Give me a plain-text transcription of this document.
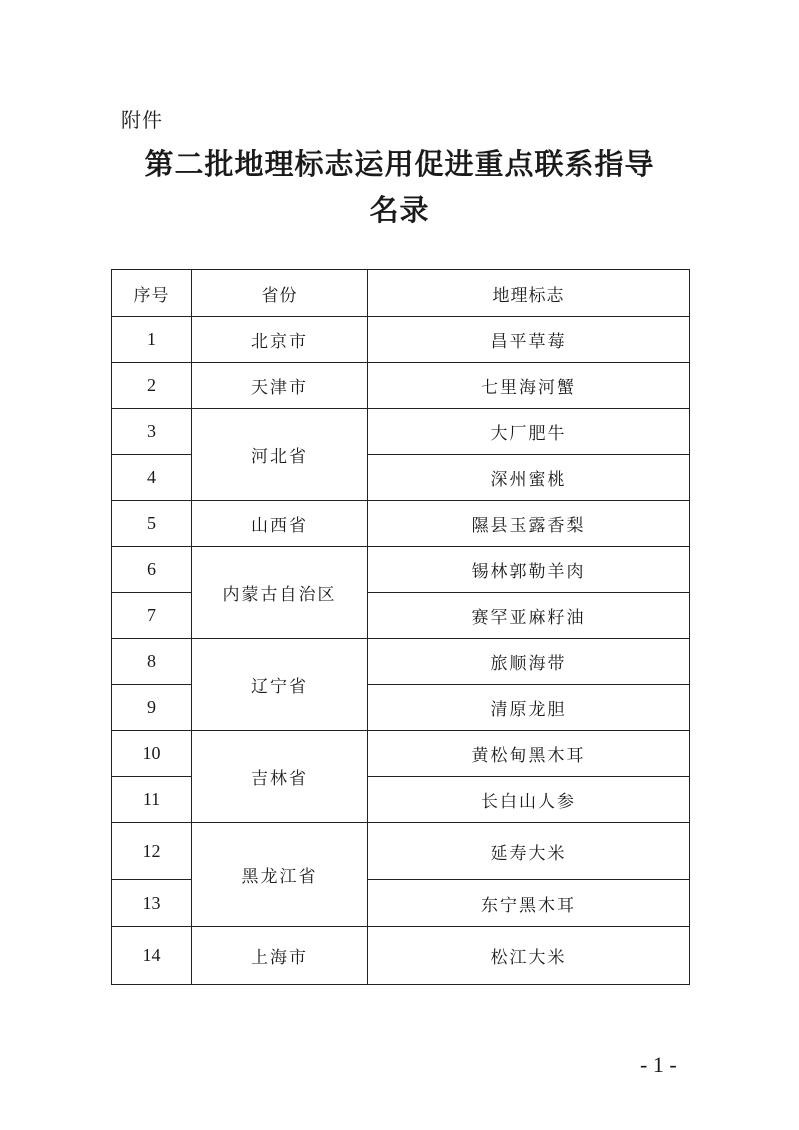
附件
第二批地理标志运用促进重点联系指导
名录
序号	省份	地理标志
1	北京市	昌平草莓
2	天津市	七里海河蟹
3	河北省	大厂肥牛
4		深州蜜桃
5	山西省	隰县玉露香梨
6	内蒙古自治区	锡林郭勒羊肉
7		赛罕亚麻籽油
8	辽宁省	旅顺海带
9		清原龙胆
10	吉林省	黄松甸黑木耳
11		长白山人参
12	黑龙江省	延寿大米
13		东宁黑木耳
14	上海市	松江大米
- 1 -
